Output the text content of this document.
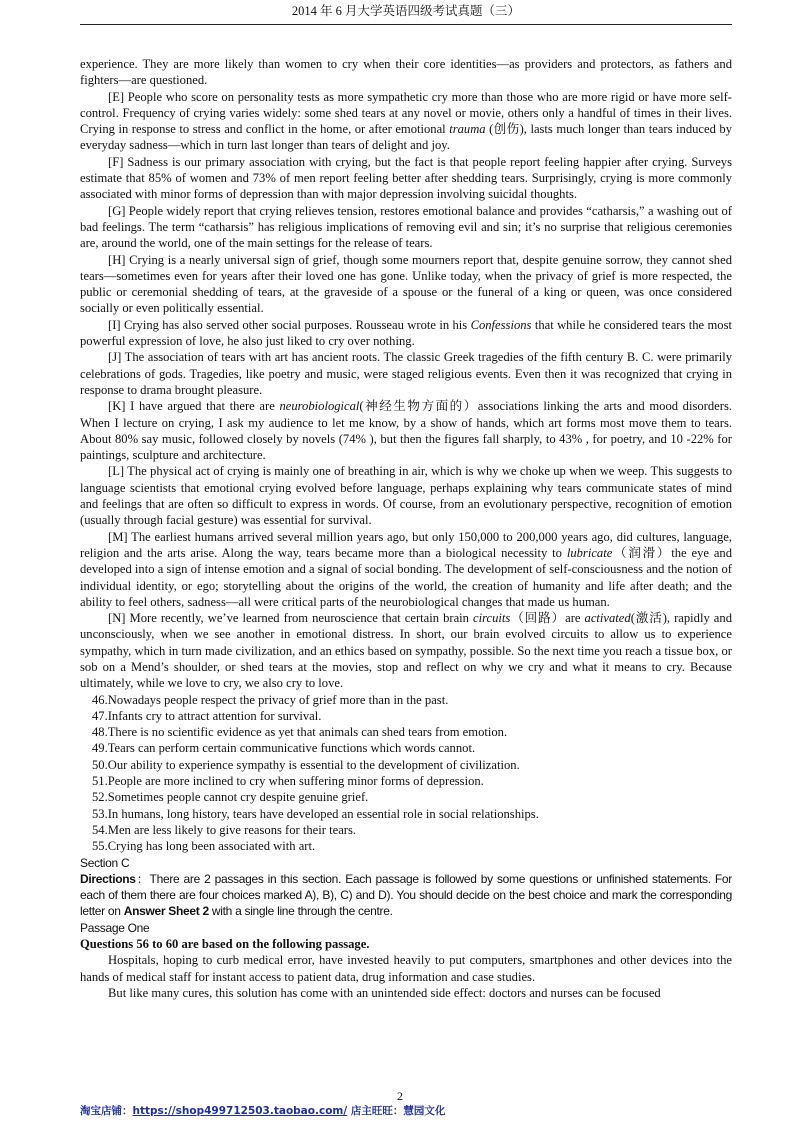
2014 年 6 月大学英语四级考试真题（三）

experience. They are more likely than women to cry when their core identities—as providers and protectors, as fathers and fighters—are questioned.

[E] People who score on personality tests as more sympathetic cry more than those who are more rigid or have more self-control. Frequency of crying varies widely: some shed tears at any novel or movie, others only a handful of times in their lives. Crying in response to stress and conflict in the home, or after emotional trauma (创伤), lasts much longer than tears induced by everyday sadness—which in turn last longer than tears of delight and joy.

[F] Sadness is our primary association with crying, but the fact is that people report feeling happier after crying. Surveys estimate that 85% of women and 73% of men report feeling better after shedding tears. Surprisingly, crying is more commonly associated with minor forms of depression than with major depression involving suicidal thoughts.

[G] People widely report that crying relieves tension, restores emotional balance and provides “catharsis,” a washing out of bad feelings. The term “catharsis” has religious implications of removing evil and sin; it’s no surprise that religious ceremonies are, around the world, one of the main settings for the release of tears.

[H] Crying is a nearly universal sign of grief, though some mourners report that, despite genuine sorrow, they cannot shed tears—sometimes even for years after their loved one has gone. Unlike today, when the privacy of grief is more respected, the public or ceremonial shedding of tears, at the graveside of a spouse or the funeral of a king or queen, was once considered socially or even politically essential.

[I] Crying has also served other social purposes. Rousseau wrote in his Confessions that while he considered tears the most powerful expression of love, he also just liked to cry over nothing.

[J] The association of tears with art has ancient roots. The classic Greek tragedies of the fifth century B. C. were primarily celebrations of gods. Tragedies, like poetry and music, were staged religious events. Even then it was recognized that crying in response to drama brought pleasure.

[K] I have argued that there are neurobiological(神经生物方面的）associations linking the arts and mood disorders. When I lecture on crying, I ask my audience to let me know, by a show of hands, which art forms most move them to tears. About 80% say music, followed closely by novels (74% ), but then the figures fall sharply, to 43% , for poetry, and 10 -22% for paintings, sculpture and architecture.

[L] The physical act of crying is mainly one of breathing in air, which is why we choke up when we weep. This suggests to language scientists that emotional crying evolved before language, perhaps explaining why tears communicate states of mind and feelings that are often so difficult to express in words. Of course, from an evolutionary perspective, recognition of emotion (usually through facial gesture) was essential for survival.

[M] The earliest humans arrived several million years ago, but only 150,000 to 200,000 years ago, did cultures, language, religion and the arts arise. Along the way, tears became more than a biological necessity to lubricate（润滑）the eye and developed into a sign of intense emotion and a signal of social bonding. The development of self-consciousness and the notion of individual identity, or ego; storytelling about the origins of the world, the creation of humanity and life after death; and the ability to feel others, sadness—all were critical parts of the neurobiological changes that made us human.

[N] More recently, we’ve learned from neuroscience that certain brain circuits（回路）are activated(激活), rapidly and unconsciously, when we see another in emotional distress. In short, our brain evolved circuits to allow us to experience sympathy, which in turn made civilization, and an ethics based on sympathy, possible. So the next time you reach a tissue box, or sob on a Mend’s shoulder, or shed tears at the movies, stop and reflect on why we cry and what it means to cry. Because ultimately, while we love to cry, we also cry to love.

46.Nowadays people respect the privacy of grief more than in the past.

47.Infants cry to attract attention for survival.

48.There is no scientific evidence as yet that animals can shed tears from emotion.

49.Tears can perform certain communicative functions which words cannot.

50.Our ability to experience sympathy is essential to the development of civilization.

51.People are more inclined to cry when suffering minor forms of depression.

52.Sometimes people cannot cry despite genuine grief.

53.In humans, long history, tears have developed an essential role in social relationships.

54.Men are less likely to give reasons for their tears.

55.Crying has long been associated with art.

Section C

Directions：There are 2 passages in this section. Each passage is followed by some questions or unfinished statements. For each of them there are four choices marked A), B), C) and D). You should decide on the best choice and mark the corresponding letter on Answer Sheet 2 with a single line through the centre.

Passage One

Questions 56 to 60 are based on the following passage.

Hospitals, hoping to curb medical error, have invested heavily to put computers, smartphones and other devices into the hands of medical staff for instant access to patient data, drug information and case studies.

But like many cures, this solution has come with an unintended side effect: doctors and nurses can be focused

2
淘宝店铺：https://shop499712503.taobao.com/ 店主旺旺：慧园文化
